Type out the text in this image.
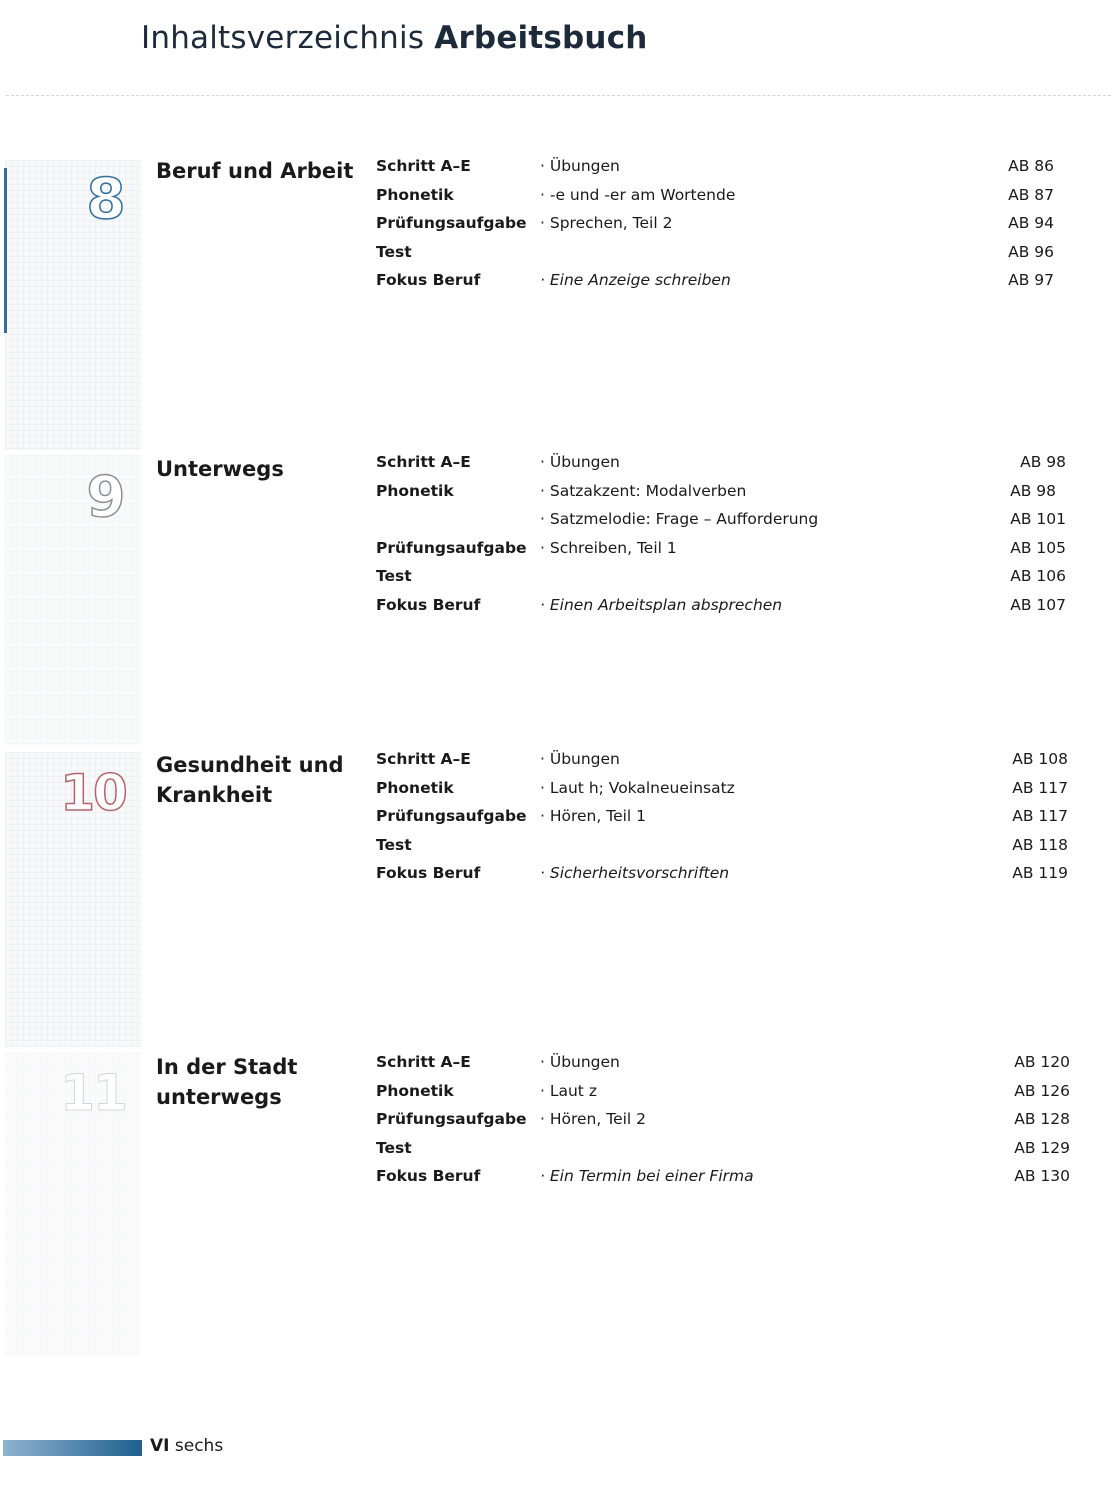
Inhaltsverzeichnis Arbeitsbuch
8	Beruf und Arbeit Schritt A–E	· Übungen	AB 86
Phonetik	· -e und -er am Wortende	AB 87
Prüfungsaufgabe · Sprechen, Teil 2	AB 94
Test	AB 96
Fokus Beruf	· Eine Anzeige schreiben	AB 97
9	Unterwegs	Schritt A–E	· Übungen	AB 98
Phonetik	· Satzakzent: Modalverben	AB 98
· Satzmelodie: Frage – Aufforderung	AB 101
Prüfungsaufgabe · Schreiben, Teil 1	AB 105
Test	AB 106
Fokus Beruf	· Einen Arbeitsplan absprechen	AB 107
10 Gesundheit und Krankheit
Schritt A–E	· Übungen	AB 108
Phonetik	· Laut h; Vokalneueinsatz	AB 117
Prüfungsaufgabe · Hören, Teil 1	AB 117
Test	AB 118
Fokus Beruf	· Sicherheitsvorschriften	AB 119
11 In der Stadt unterwegs
Schritt A–E	· Übungen	AB 120
Phonetik	· Laut z	AB 126
Prüfungsaufgabe · Hören, Teil 2	AB 128
Test	AB 129
Fokus Beruf	· Ein Termin bei einer Firma	AB 130
VI sechs
